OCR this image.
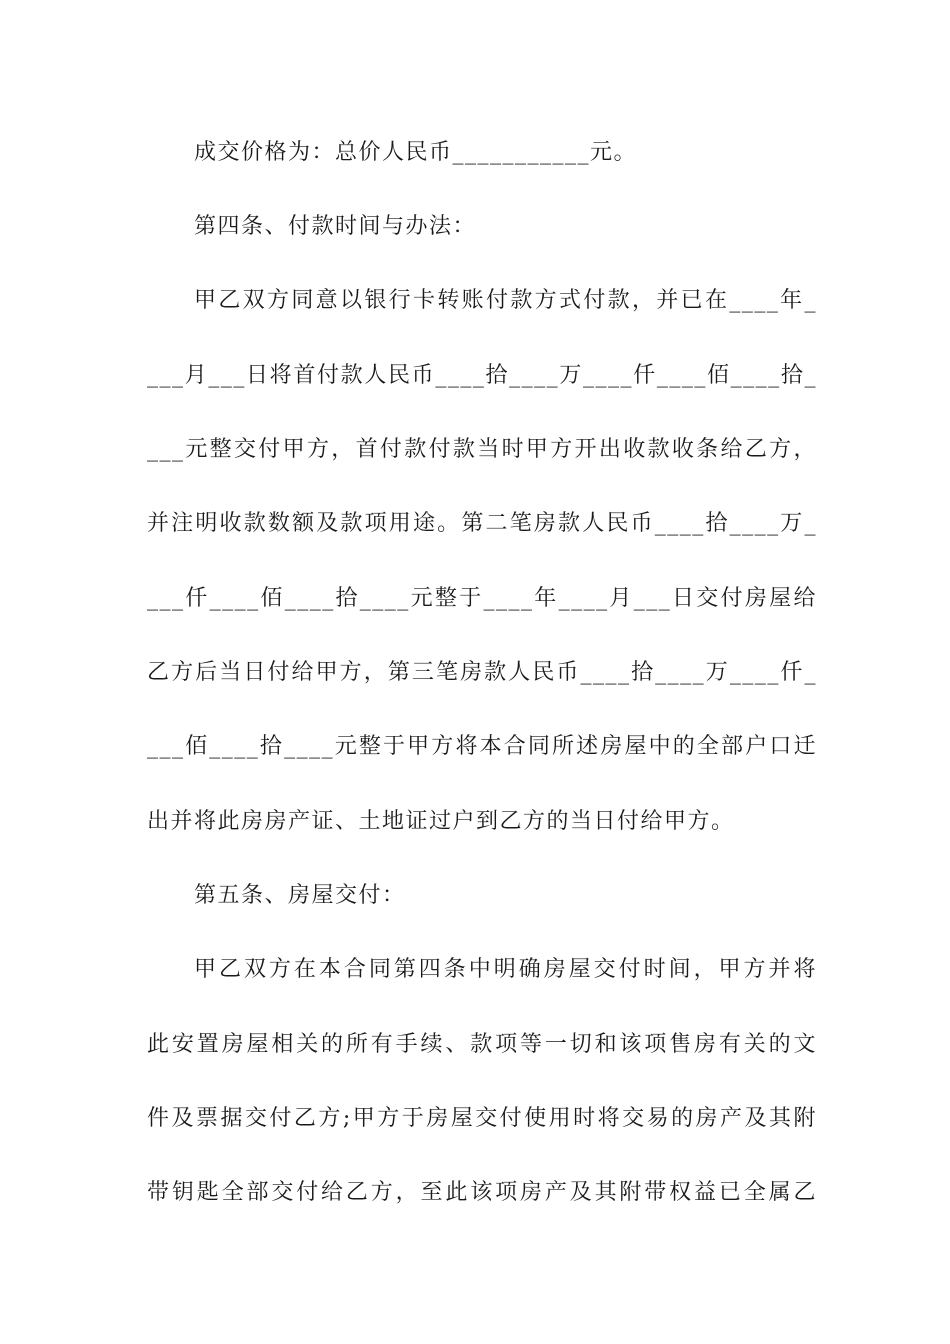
成交价格为：总价人民币___________元。
第四条、付款时间与办法：
甲乙双方同意以银行卡转账付款方式付款，并已在____年_
___月___日将首付款人民币____拾____万____仟____佰____拾_
___元整交付甲方，首付款付款当时甲方开出收款收条给乙方，
并注明收款数额及款项用途。第二笔房款人民币____拾____万_
___仟____佰____拾____元整于____年____月___日交付房屋给
乙方后当日付给甲方，第三笔房款人民币____拾____万____仟_
___佰____拾____元整于甲方将本合同所述房屋中的全部户口迁
出并将此房房产证、土地证过户到乙方的当日付给甲方。
第五条、房屋交付：
甲乙双方在本合同第四条中明确房屋交付时间，甲方并将
此安置房屋相关的所有手续、款项等一切和该项售房有关的文
件及票据交付乙方;甲方于房屋交付使用时将交易的房产及其附
带钥匙全部交付给乙方，至此该项房产及其附带权益已全属乙
